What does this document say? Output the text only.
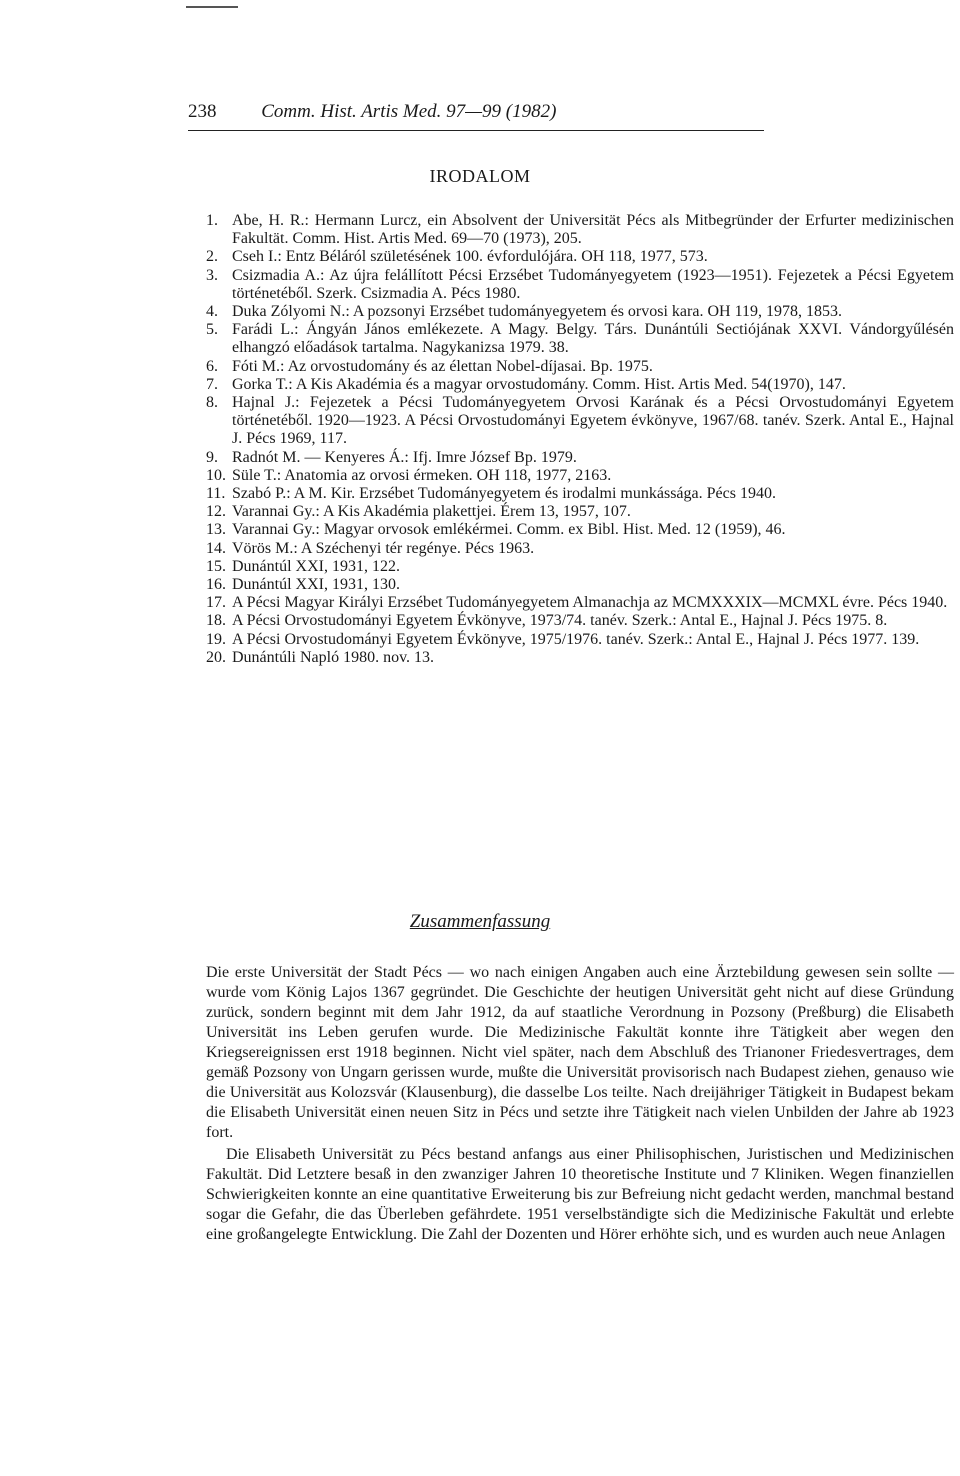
238 Comm. Hist. Artis Med. 97—99 (1982)
IRODALOM
1. Abe, H. R.: Hermann Lurcz, ein Absolvent der Universität Pécs als Mitbegründer der Erfurter medizinischen Fakultät. Comm. Hist. Artis Med. 69—70 (1973), 205.
2. Cseh I.: Entz Béláról születésének 100. évfordulójára. OH 118, 1977, 573.
3. Csizmadia A.: Az újra felállított Pécsi Erzsébet Tudományegyetem (1923—1951). Fejezetek a Pécsi Egyetem történetéből. Szerk. Csizmadia A. Pécs 1980.
4. Duka Zólyomi N.: A pozsonyi Erzsébet tudományegyetem és orvosi kara. OH 119, 1978, 1853.
5. Farádi L.: Ángyán János emlékezete. A Magy. Belgy. Társ. Dunántúli Sectiójának XXVI. Vándorgyűlésén elhangzó előadások tartalma. Nagykanizsa 1979. 38.
6. Fóti M.: Az orvostudomány és az élettan Nobel-díjasai. Bp. 1975.
7. Gorka T.: A Kis Akadémia és a magyar orvostudomány. Comm. Hist. Artis Med. 54(1970), 147.
8. Hajnal J.: Fejezetek a Pécsi Tudományegyetem Orvosi Karának és a Pécsi Orvostudományi Egyetem történetéből. 1920—1923. A Pécsi Orvostudományi Egyetem évkönyve, 1967/68. tanév. Szerk. Antal E., Hajnal J. Pécs 1969, 117.
9. Radnót M. — Kenyeres Á.: Ifj. Imre József Bp. 1979.
10. Süle T.: Anatomia az orvosi érmeken. OH 118, 1977, 2163.
11. Szabó P.: A M. Kir. Erzsébet Tudományegyetem és irodalmi munkássága. Pécs 1940.
12. Varannai Gy.: A Kis Akadémia plakettjei. Érem 13, 1957, 107.
13. Varannai Gy.: Magyar orvosok emlékérmei. Comm. ex Bibl. Hist. Med. 12 (1959), 46.
14. Vörös M.: A Széchenyi tér regénye. Pécs 1963.
15. Dunántúl XXI, 1931, 122.
16. Dunántúl XXI, 1931, 130.
17. A Pécsi Magyar Királyi Erzsébet Tudományegyetem Almanachja az MCMXXXIX—MCMXL évre. Pécs 1940.
18. A Pécsi Orvostudományi Egyetem Évkönyve, 1973/74. tanév. Szerk.: Antal E., Hajnal J. Pécs 1975. 8.
19. A Pécsi Orvostudományi Egyetem Évkönyve, 1975/1976. tanév. Szerk.: Antal E., Hajnal J. Pécs 1977. 139.
20. Dunántúli Napló 1980. nov. 13.
Zusammenfassung

Die erste Universität der Stadt Pécs — wo nach einigen Angaben auch eine Ärztebildung gewesen sein sollte — wurde vom König Lajos 1367 gegründet. Die Geschichte der heutigen Universität geht nicht auf diese Gründung zurück, sondern beginnt mit dem Jahr 1912, da auf staatliche Verordnung in Pozsony (Preßburg) die Elisabeth Universität ins Leben gerufen wurde. Die Medizinische Fakultät konnte ihre Tätigkeit aber wegen den Kriegsereignissen erst 1918 beginnen. Nicht viel später, nach dem Abschluß des Trianoner Friedesvertrages, dem gemäß Pozsony von Ungarn gerissen wurde, mußte die Universität provisorisch nach Budapest ziehen, genauso wie die Universität aus Kolozsvár (Klausenburg), die dasselbe Los teilte. Nach dreijähriger Tätigkeit in Budapest bekam die Elisabeth Universität einen neuen Sitz in Pécs und setzte ihre Tätigkeit nach vielen Unbilden der Jahre ab 1923 fort.

Die Elisabeth Universität zu Pécs bestand anfangs aus einer Philisophischen, Juristischen und Medizinischen Fakultät. Did Letztere besaß in den zwanziger Jahren 10 theoretische Institute und 7 Kliniken. Wegen finanziellen Schwierigkeiten konnte an eine quantitative Erweiterung bis zur Befreiung nicht gedacht werden, manchmal bestand sogar die Gefahr, die das Überleben gefährdete. 1951 verselbständigte sich die Medizinische Fakultät und erlebte eine großangelegte Entwicklung. Die Zahl der Dozenten und Hörer erhöhte sich, und es wurden auch neue Anlagen
